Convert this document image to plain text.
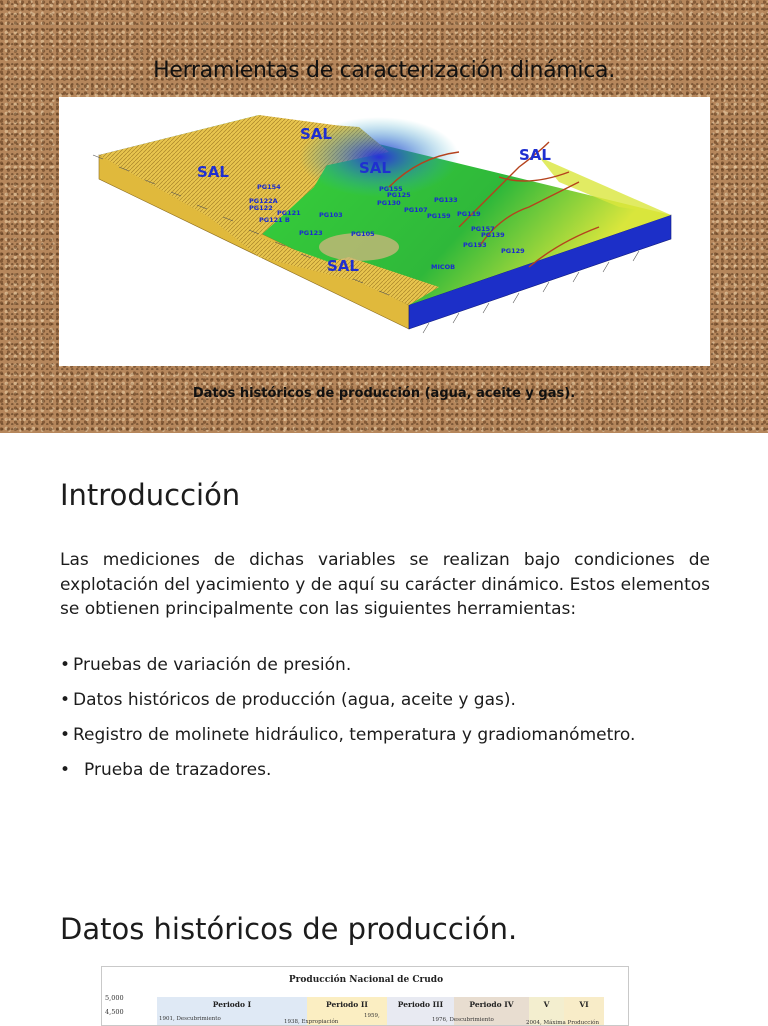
Herramientas de caracterización dinámica.
SAL
SAL	SAL
SAL
SAL
PG154
PG122A
PG122
PG121
PG121 B
PG103
PG123	PG105
PG155
PG125
PG130
PG107
PG133
PG159 PG119
PG157
PG139
PG153
PG129
MICOB
Datos históricos de producción (agua, aceite y gas).
Introducción

Las mediciones de dichas variables se realizan bajo condiciones de explotación del yacimiento y de aquí su carácter dinámico. Estos elementos se obtienen principalmente con las siguientes herramientas:

• Pruebas de variación de presión.
• Datos históricos de producción (agua, aceite y gas).
• Registro de molinete hidráulico, temperatura y gradiomanómetro.
• Prueba de trazadores.
Datos históricos de producción.
Producción Nacional de Crudo
5,000
4,500
Periodo I	Periodo II	Periodo III	Periodo IV	V	VI
1901, Descubrimiento	1938, Expropiación
1959,
1976, Descubrimiento	2004, Máxima Producción
